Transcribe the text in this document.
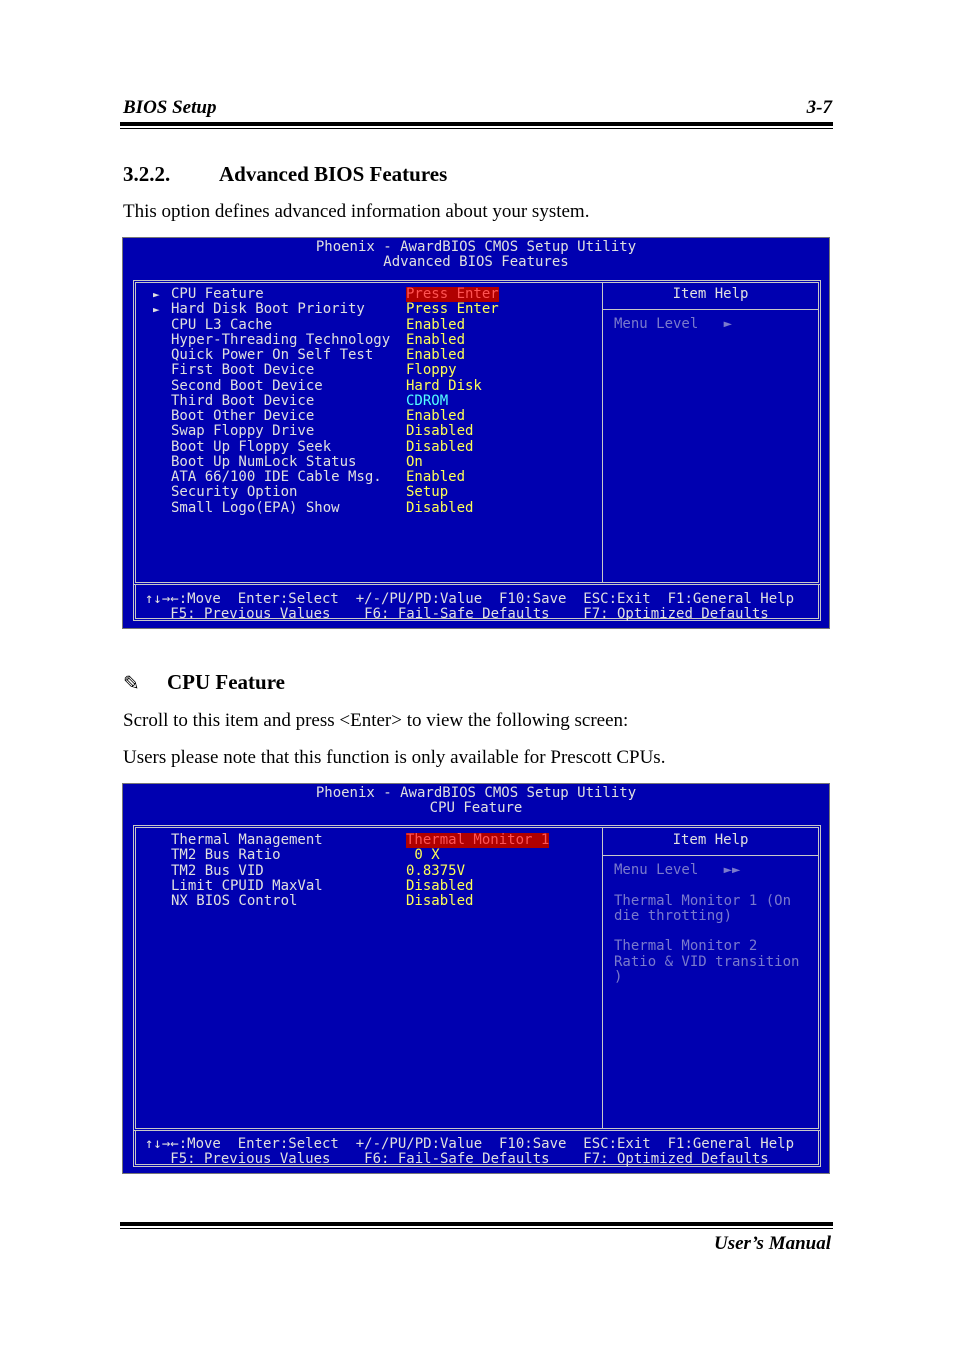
BIOS Setup	3-7
3.2.2. Advanced BIOS Features
This option defines advanced information about your system.
Phoenix - AwardBIOS CMOS Setup Utility
Advanced BIOS Features
► CPU Feature	Press Enter
► Hard Disk Boot Priority	Press Enter
CPU L3 Cache	Enabled
Hyper-Threading Technology Enabled
Quick Power On Self Test Enabled
First Boot Device	Floppy
Second Boot Device	Hard Disk
Third Boot Device	CDROM
Boot Other Device	Enabled
Swap Floppy Drive	Disabled
Boot Up Floppy Seek	Disabled
Boot Up NumLock Status	On
ATA 66/100 IDE Cable Msg. Enabled
Security Option	Setup
Small Logo(EPA) Show	Disabled
Item Help
Menu Level   ►
↑↓→←:Move  Enter:Select  +/-/PU/PD:Value  F10:Save  ESC:Exit  F1:General Help
F5: Previous Values    F6: Fail-Safe Defaults    F7: Optimized Defaults
✎ CPU Feature
Scroll to this item and press <Enter> to view the following screen:
Users please note that this function is only available for Prescott CPUs.
Phoenix - AwardBIOS CMOS Setup Utility
CPU Feature
Thermal Management	Thermal Monitor 1
TM2 Bus Ratio	0 X
TM2 Bus VID	0.8375V
Limit CPUID MaxVal	Disabled
NX BIOS Control	Disabled
Item Help
Menu Level   ►►
Thermal Monitor 1 (On
die throtting)
Thermal Monitor 2
Ratio & VID transition
)
↑↓→←:Move  Enter:Select  +/-/PU/PD:Value  F10:Save  ESC:Exit  F1:General Help
F5: Previous Values    F6: Fail-Safe Defaults    F7: Optimized Defaults
User’s Manual
